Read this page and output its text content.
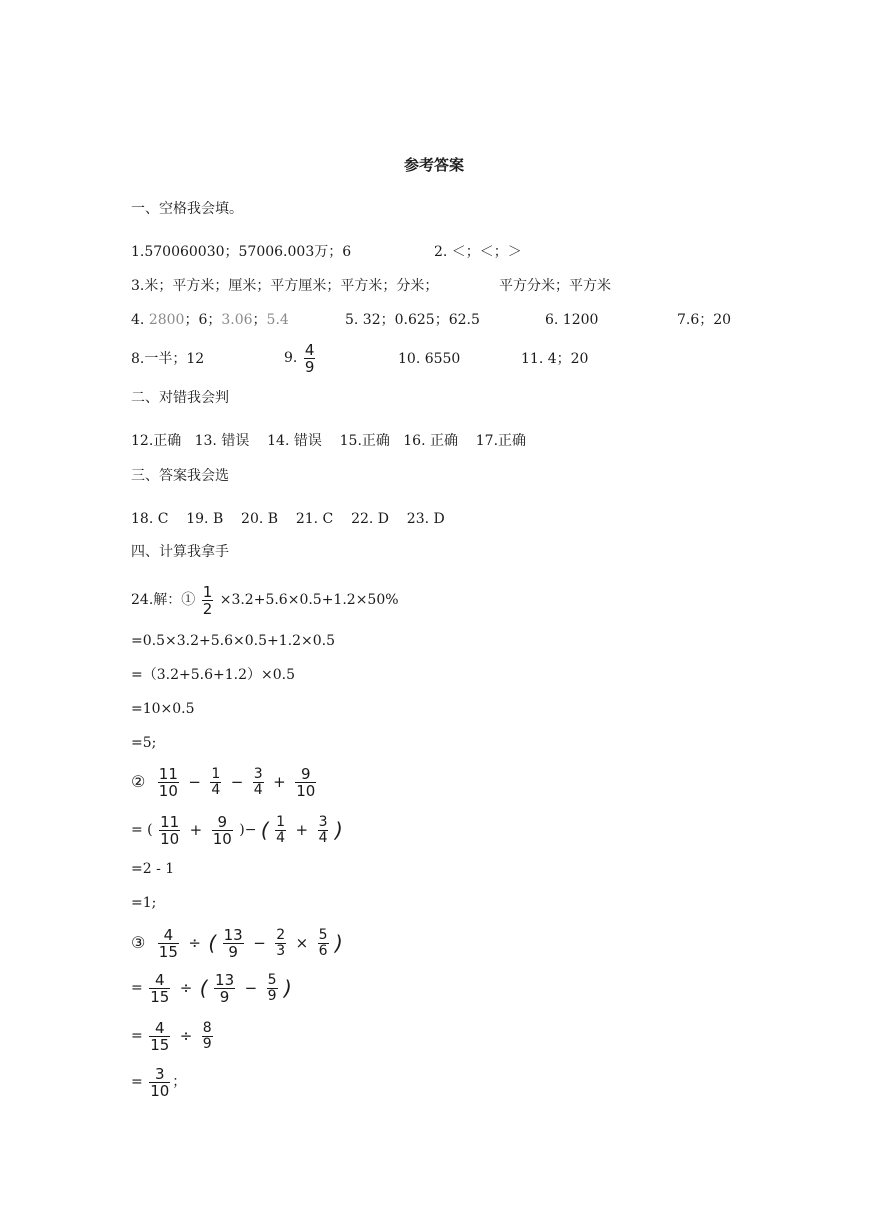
参考答案
一、空格我会填。
1.570060030；57006.003万；6	2. ＜；＜；＞
3.米；平方米；厘米；平方厘米；平方米；分米；	平方分米；平方米
4. 2800；6；3.06；5.4	5. 32；0.625；62.5	6. 1200	7.6；20
8.一半；12	9. $\frac{4}{9}$	10. 6550	11. 4；20
二、对错我会判
12.正确   13. 错误    14. 错误    15.正确   16. 正确    17.正确
三、答案我会选
18. C    19. B    20. B    21. C    22. D    23. D
四、计算我拿手
24.解：① $\frac{1}{2} \times 3.2+5.6\times 0.5+1.2\times 50\%$
=0.5×3.2+5.6×0.5+1.2×0.5
=（3.2+5.6+1.2）×0.5
=10×0.5
=5;
② $\frac{11}{10} - \frac{1}{4} - \frac{3}{4} + \frac{9}{10}$
= ( $\frac{11}{10} + \frac{9}{10}$ )− ( $\frac{1}{4} + \frac{3}{4}$ )
=2 - 1
=1;
③ $\frac{4}{15}$ ÷ ( $\frac{13}{9} - \frac{2}{3} \times \frac{5}{6}$ )
= $\frac{4}{15}$ ÷ ( $\frac{13}{9} - \frac{5}{9}$ )
= $\frac{4}{15} \div \frac{8}{9}$
= $\frac{3}{10}$ ；
